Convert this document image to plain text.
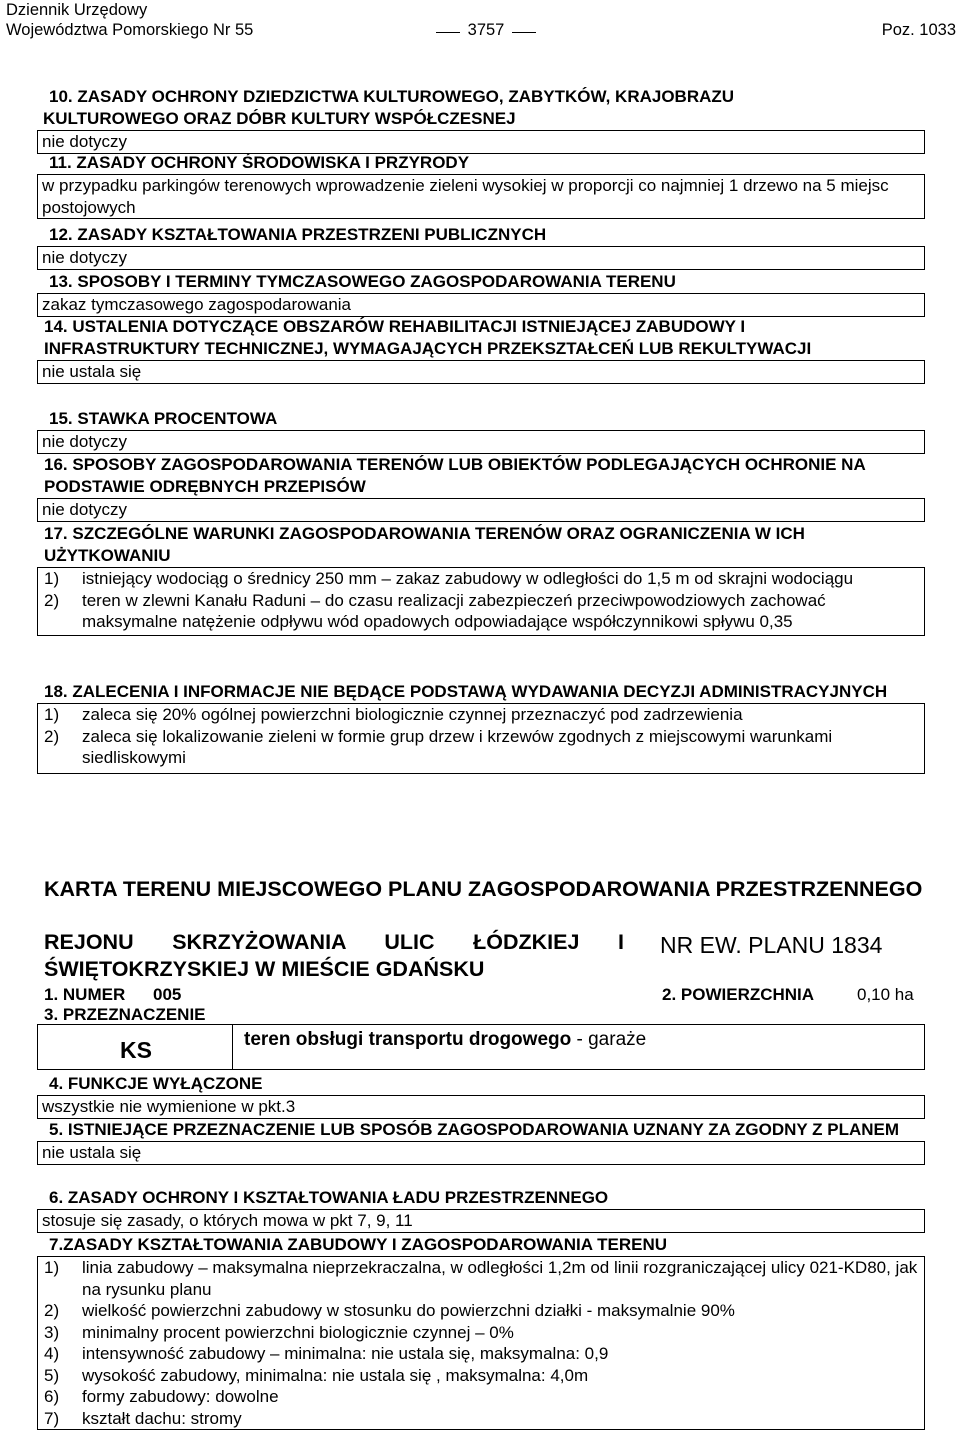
Dziennik Urzędowy
Województwa Pomorskiego Nr 55	3757	Poz. 1033
10. ZASADY OCHRONY DZIEDZICTWA KULTUROWEGO, ZABYTKÓW, KRAJOBRAZU
KULTUROWEGO ORAZ DÓBR KULTURY WSPÓŁCZESNEJ
nie dotyczy
11. ZASADY OCHRONY ŚRODOWISKA I PRZYRODY
w przypadku parkingów terenowych wprowadzenie zieleni wysokiej w proporcji co najmniej 1 drzewo na 5 miejsc postojowych
12. ZASADY KSZTAŁTOWANIA PRZESTRZENI PUBLICZNYCH
nie dotyczy
13. SPOSOBY I TERMINY TYMCZASOWEGO ZAGOSPODAROWANIA TERENU
zakaz tymczasowego zagospodarowania
14. USTALENIA DOTYCZĄCE OBSZARÓW REHABILITACJI ISTNIEJĄCEJ ZABUDOWY I INFRASTRUKTURY TECHNICZNEJ, WYMAGAJĄCYCH PRZEKSZTAŁCEŃ LUB REKULTYWACJI
nie ustala się
15. STAWKA PROCENTOWA
nie dotyczy
16. SPOSOBY ZAGOSPODAROWANIA TERENÓW LUB OBIEKTÓW PODLEGAJĄCYCH OCHRONIE NA PODSTAWIE ODRĘBNYCH PRZEPISÓW
nie dotyczy
17. SZCZEGÓLNE WARUNKI ZAGOSPODAROWANIA TERENÓW ORAZ OGRANICZENIA W ICH UŻYTKOWANIU
1) istniejący wodociąg o średnicy 250 mm – zakaz zabudowy w odległości do 1,5 m od skrajni wodociągu
2) teren w zlewni Kanału Raduni – do czasu realizacji zabezpieczeń przeciwpowodziowych zachować maksymalne natężenie odpływu wód opadowych odpowiadające współczynnikowi spływu 0,35
18. ZALECENIA I INFORMACJE NIE BĘDĄCE PODSTAWĄ WYDAWANIA DECYZJI ADMINISTRACYJNYCH
1) zaleca się 20% ogólnej powierzchni biologicznie czynnej przeznaczyć pod zadrzewienia
2) zaleca się lokalizowanie zieleni w formie grup drzew i krzewów zgodnych z miejscowymi warunkami siedliskowymi
KARTA TERENU MIEJSCOWEGO PLANU ZAGOSPODAROWANIA PRZESTRZENNEGO
REJONU SKRZYŻOWANIA ULIC ŁÓDZKIEJ I ŚWIĘTOKRZYSKIEJ W MIEŚCIE GDAŃSKU
NR EW. PLANU 1834
1. NUMER 005	2. POWIERZCHNIA	0,10 ha
3. PRZEZNACZENIE
KS	teren obsługi transportu drogowego - garaże
4. FUNKCJE WYŁĄCZONE
wszystkie nie wymienione w pkt.3
5. ISTNIEJĄCE PRZEZNACZENIE LUB SPOSÓB ZAGOSPODAROWANIA UZNANY ZA ZGODNY Z PLANEM
nie ustala się
6. ZASADY OCHRONY I KSZTAŁTOWANIA ŁADU PRZESTRZENNEGO
stosuje się zasady, o których mowa w pkt 7, 9, 11
7.ZASADY KSZTAŁTOWANIA ZABUDOWY I ZAGOSPODAROWANIA TERENU
1) linia zabudowy – maksymalna nieprzekraczalna, w odległości 1,2m od linii rozgraniczającej ulicy 021-KD80, jak na rysunku planu
2) wielkość powierzchni zabudowy w stosunku do powierzchni działki - maksymalnie 90%
3) minimalny procent powierzchni biologicznie czynnej – 0%
4) intensywność zabudowy – minimalna: nie ustala się, maksymalna: 0,9
5) wysokość zabudowy, minimalna: nie ustala się , maksymalna: 4,0m
6) formy zabudowy: dowolne
7) kształt dachu: stromy
